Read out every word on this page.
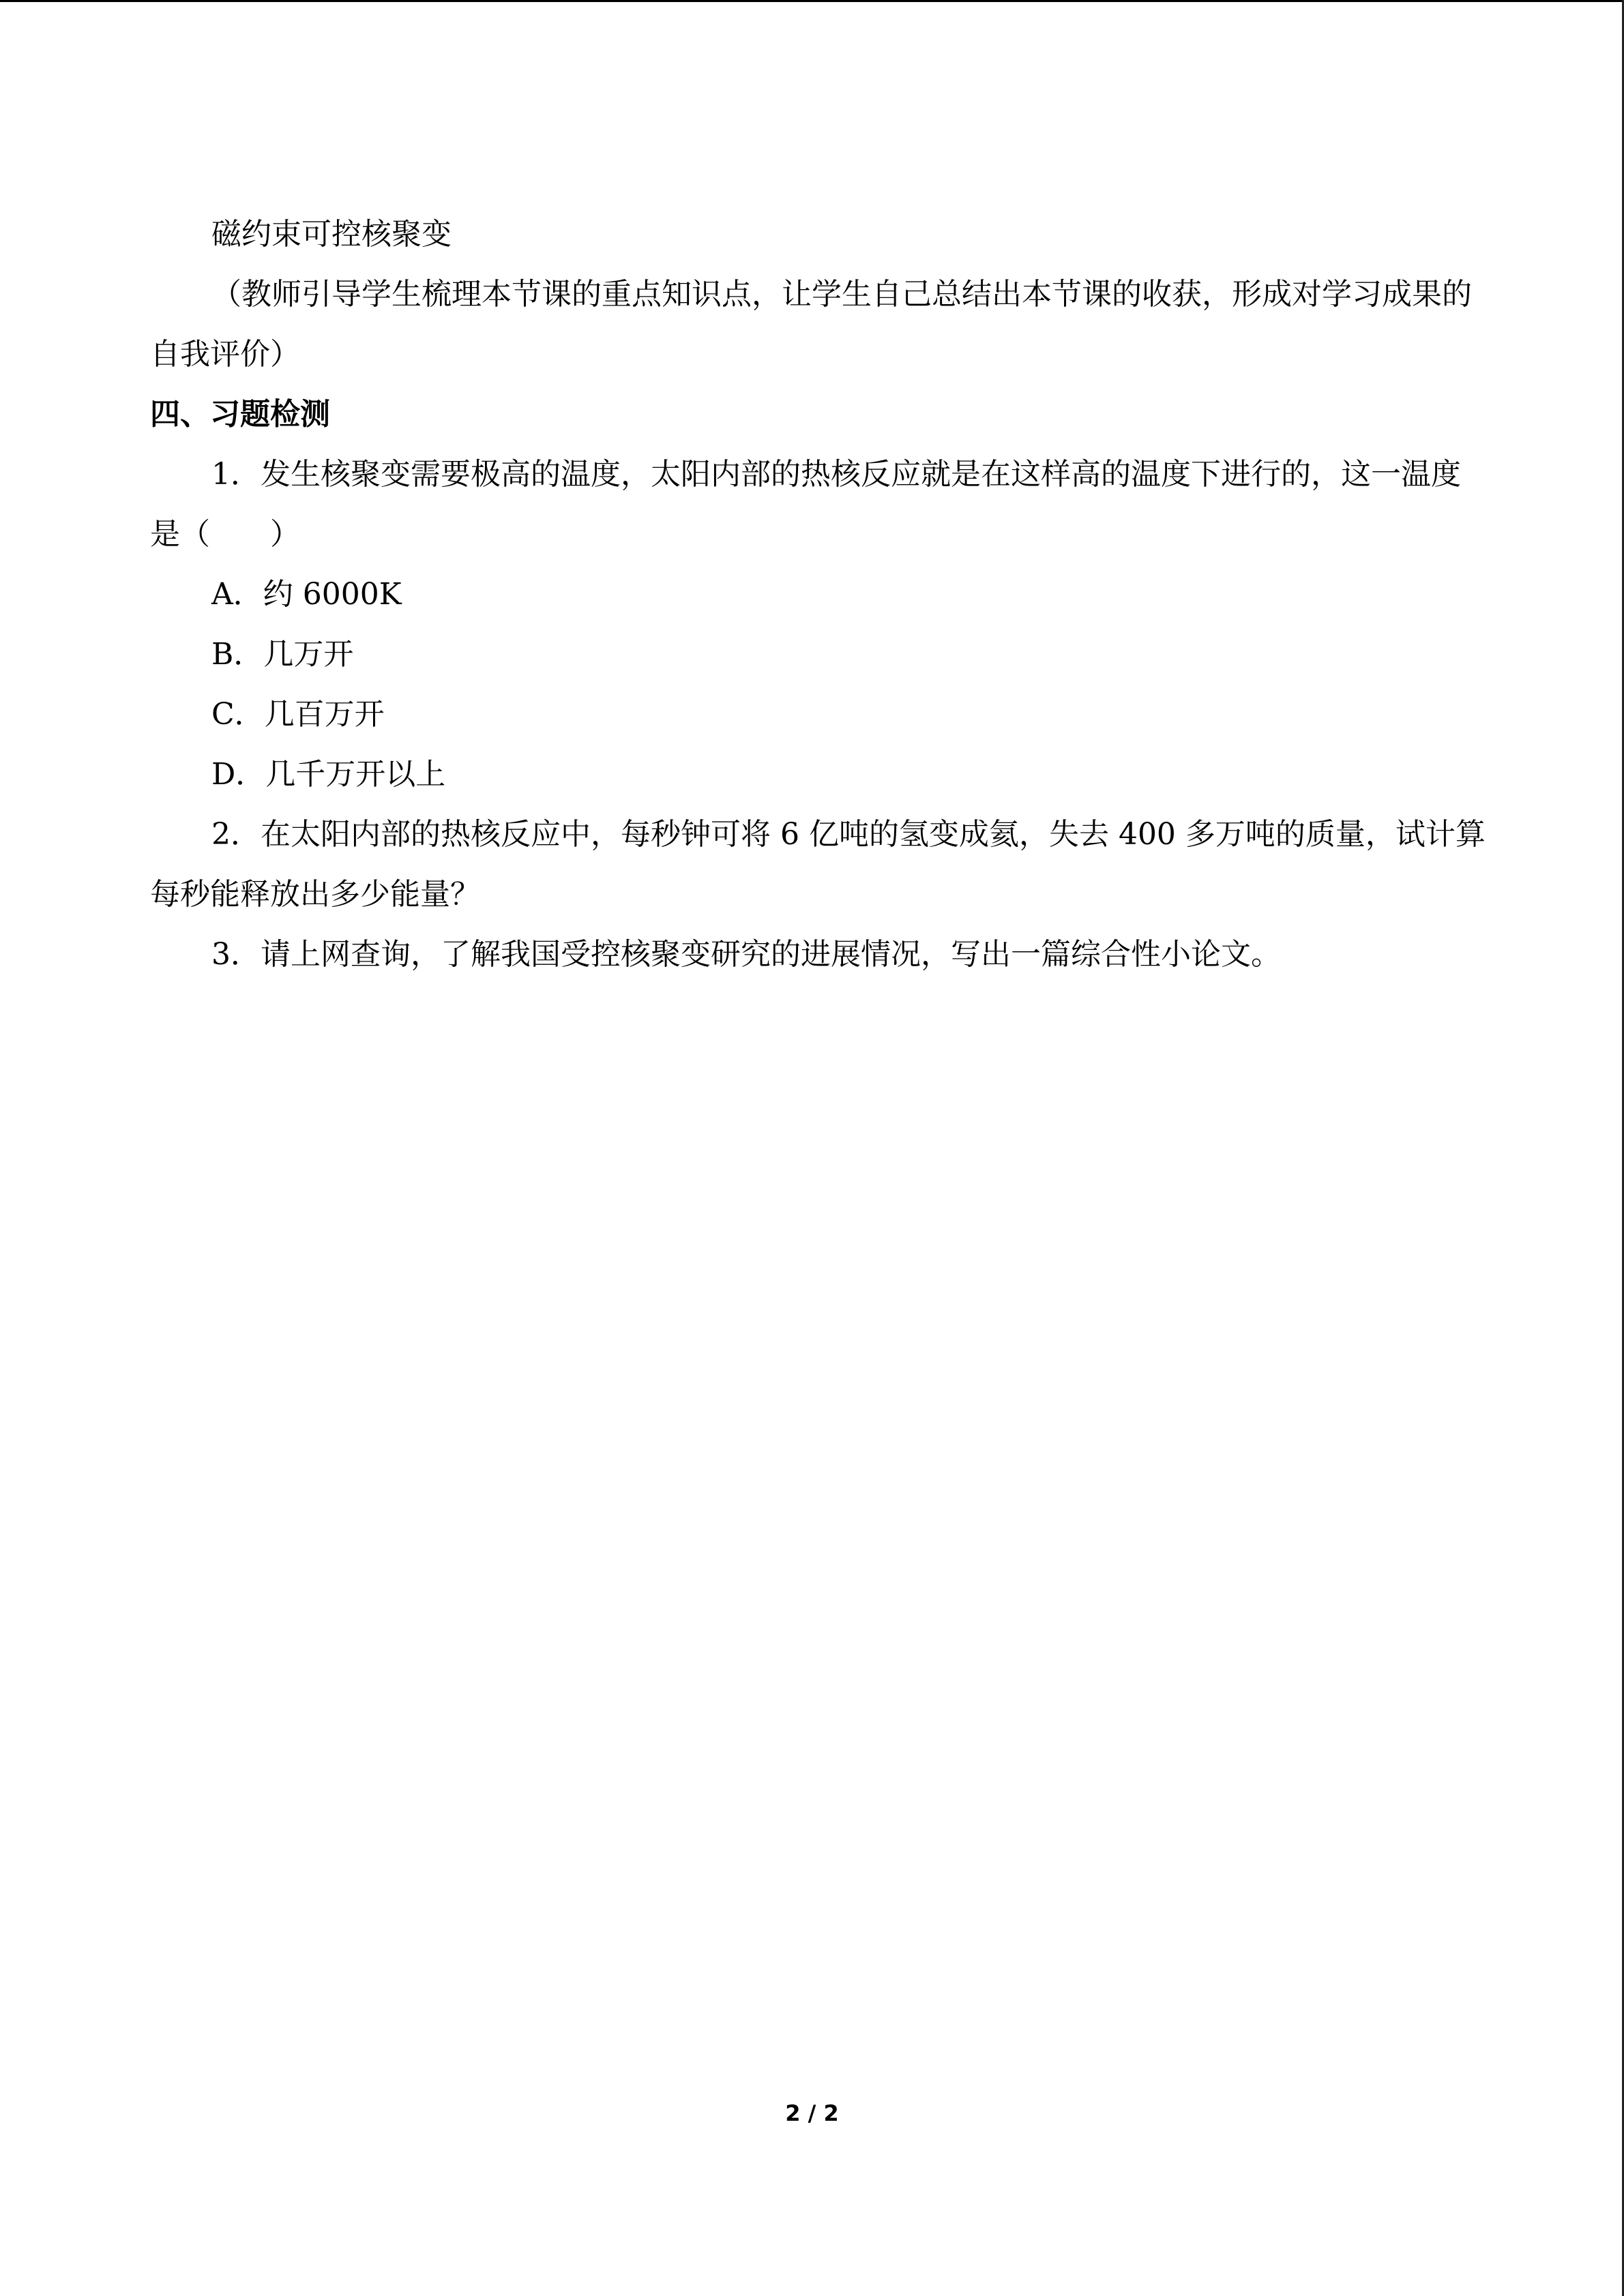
磁约束可控核聚变

（教师引导学生梳理本节课的重点知识点，让学生自己总结出本节课的收获，形成对学习成果的自我评价）

四、习题检测

1．发生核聚变需要极高的温度，太阳内部的热核反应就是在这样高的温度下进行的，这一温度是（　　）

A．约 6000K

B．几万开

C．几百万开

D．几千万开以上

2．在太阳内部的热核反应中，每秒钟可将 6 亿吨的氢变成氦，失去 400 多万吨的质量，试计算每秒能释放出多少能量？

3．请上网查询，了解我国受控核聚变研究的进展情况，写出一篇综合性小论文。

2 / 2
